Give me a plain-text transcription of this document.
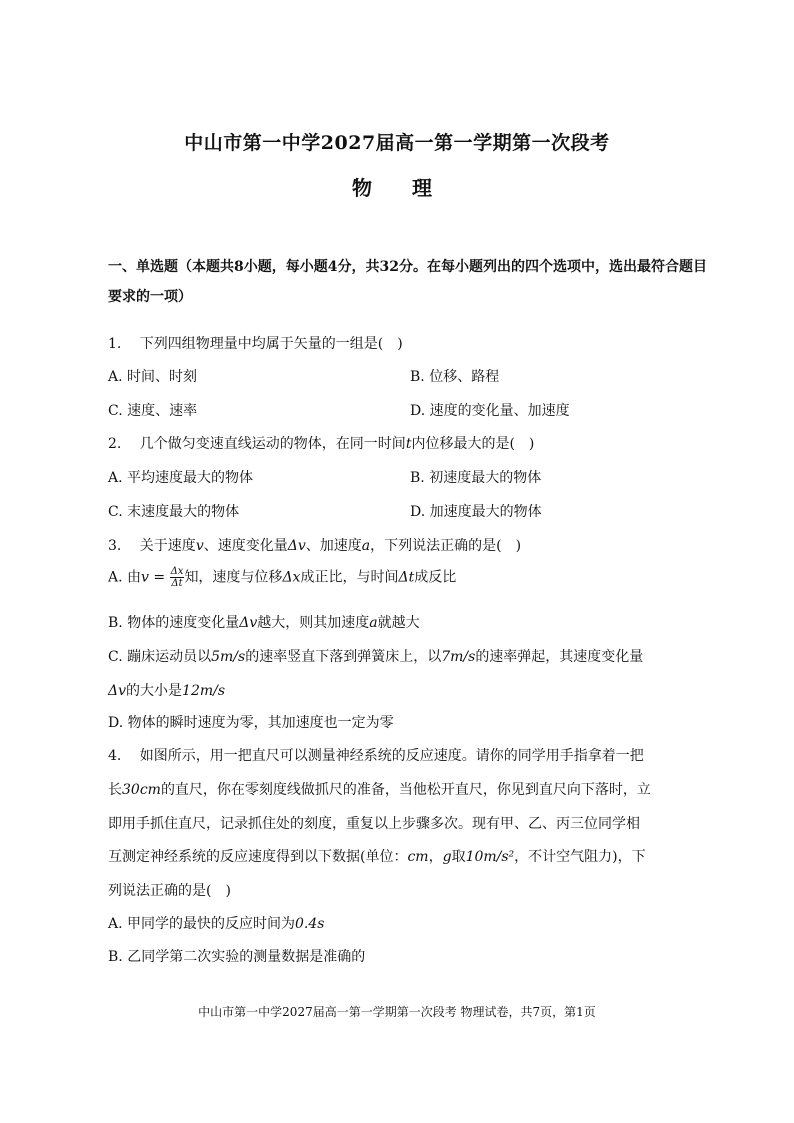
中山市第一中学2027届高一第一学期第一次段考
物　理
一、单选题（本题共8小题，每小题4分，共32分。在每小题列出的四个选项中，选出最符合题目要求的一项）
1.　 下列四组物理量中均属于矢量的一组是(　)
A. 时间、时刻	B. 位移、路程
C. 速度、速率	D. 速度的变化量、加速度
2.　 几个做匀变速直线运动的物体，在同一时间t内位移最大的是(　)
A. 平均速度最大的物体	B. 初速度最大的物体
C. 末速度最大的物体	D. 加速度最大的物体
3.　 关于速度v、速度变化量Δv、加速度a，下列说法正确的是(　)
A. 由$v = \frac{\Delta x}{\Delta t}$ 知，速度与位移Δx成正比，与时间Δt成反比
B. 物体的速度变化量Δv越大，则其加速度a就越大
C. 蹦床运动员以5m/s的速率竖直下落到弹簧床上，以7m/s的速率弹起，其速度变化量
Δv的大小是12m/s
D. 物体的瞬时速度为零，其加速度也一定为零
4.　 如图所示，用一把直尺可以测量神经系统的反应速度。请你的同学用手指拿着一把
长30cm的直尺，你在零刻度线做抓尺的准备，当他松开直尺，你见到直尺向下落时，立
即用手抓住直尺，记录抓住处的刻度，重复以上步骤多次。现有甲、乙、丙三位同学相
互测定神经系统的反应速度得到以下数据(单位：cm，g取10m/s²，不计空气阻力)，下
列说法正确的是(　)
A. 甲同学的最快的反应时间为0.4s
B. 乙同学第二次实验的测量数据是准确的
中山市第一中学2027届高一第一学期第一次段考 物理试卷，共7页，第1页
